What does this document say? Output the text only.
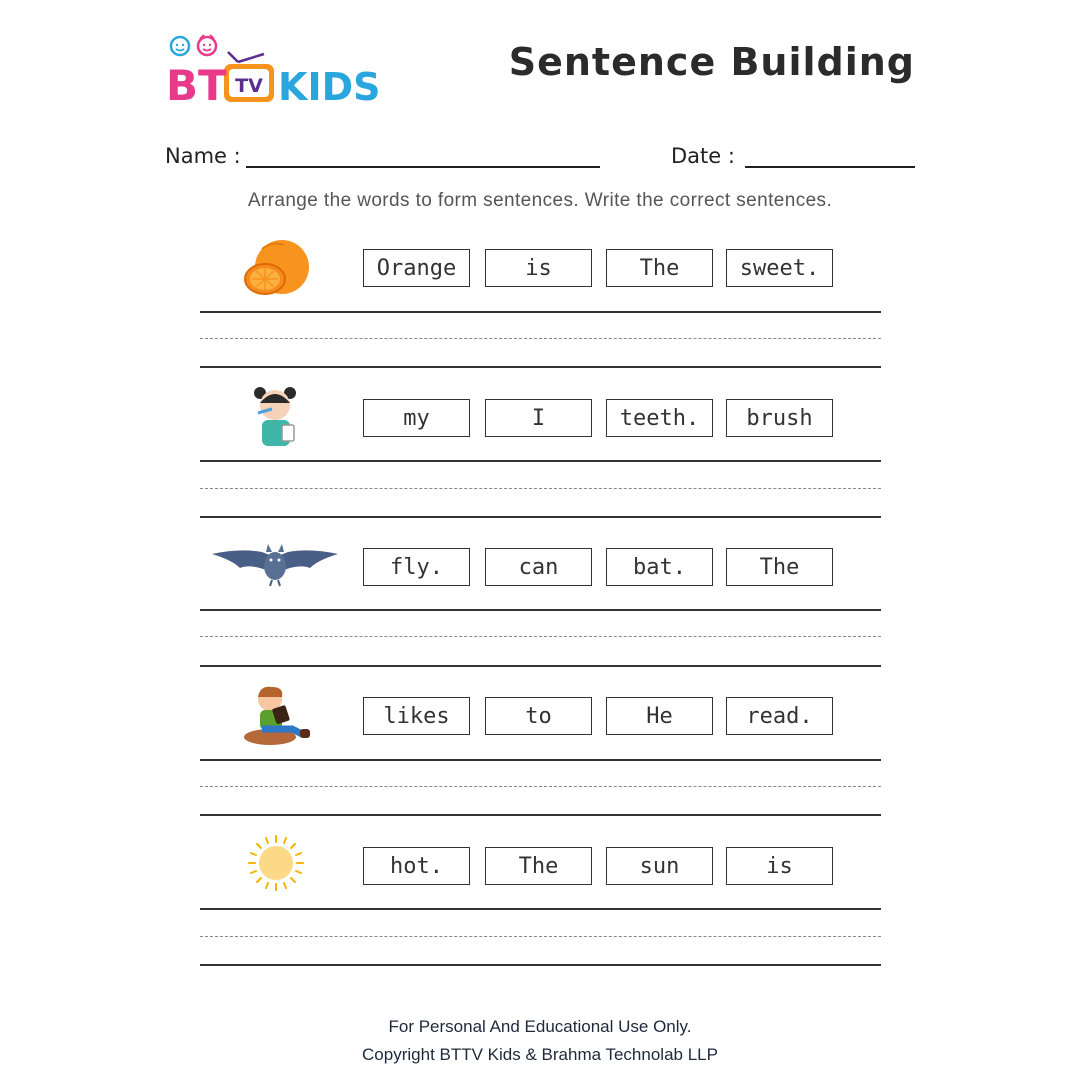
TV
BT KIDS
Sentence Building
Name :	Date :
Arrange the words to form sentences. Write the correct sentences.
Orange	is	The	sweet.
my	I	teeth.	brush
fly.	can	bat.	The
likes	to	He	read.
hot.	The	sun	is
For Personal And Educational Use Only.
Copyright BTTV Kids & Brahma Technolab LLP
